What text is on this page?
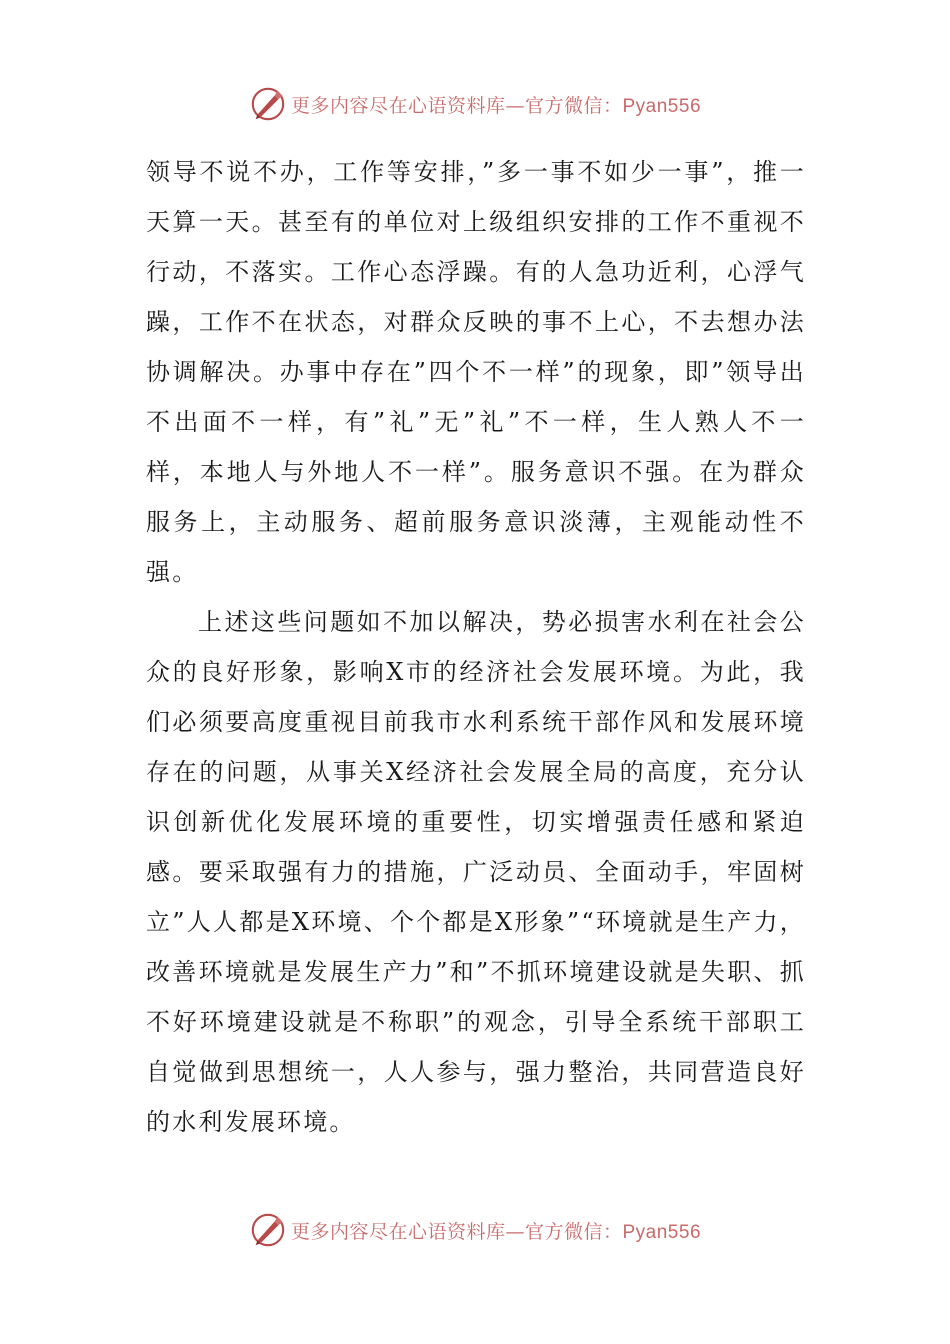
更多内容尽在心语资料库—官方微信：Pyan556

领导不说不办，工作等安排，”多一事不如少一事”，推一天算一天。甚至有的单位对上级组织安排的工作不重视不行动，不落实。工作心态浮躁。有的人急功近利，心浮气躁，工作不在状态，对群众反映的事不上心，不去想办法协调解决。办事中存在”四个不一样”的现象，即”领导出不出面不一样，有”礼”无”礼”不一样，生人熟人不一样，本地人与外地人不一样”。服务意识不强。在为群众服务上，主动服务、超前服务意识淡薄，主观能动性不强。

上述这些问题如不加以解决，势必损害水利在社会公众的良好形象，影响X市的经济社会发展环境。为此，我们必须要高度重视目前我市水利系统干部作风和发展环境存在的问题，从事关X经济社会发展全局的高度，充分认识创新优化发展环境的重要性，切实增强责任感和紧迫感。要采取强有力的措施，广泛动员、全面动手，牢固树立”人人都是X环境、个个都是X形象”“环境就是生产力，改善环境就是发展生产力”和”不抓环境建设就是失职、抓不好环境建设就是不称职”的观念，引导全系统干部职工自觉做到思想统一，人人参与，强力整治，共同营造良好的水利发展环境。

更多内容尽在心语资料库—官方微信：Pyan556
